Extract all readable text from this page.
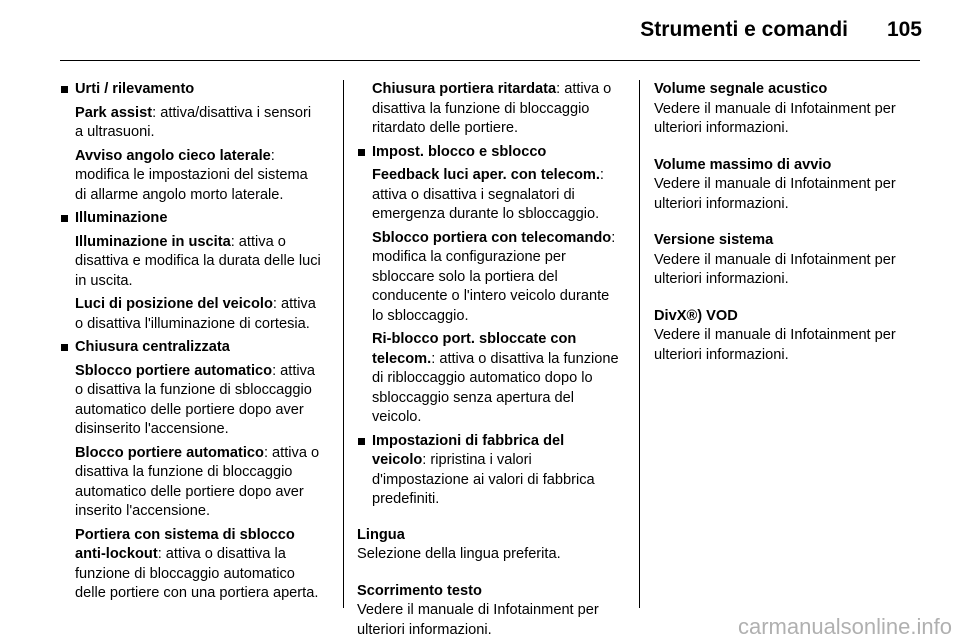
Strumenti e comandi 105
Urti / rilevamento
Park assist: attiva/disattiva i sensori a ultrasuoni.
Avviso angolo cieco laterale: modifica le impostazioni del sistema di allarme angolo morto laterale.
Illuminazione
Illuminazione in uscita: attiva o disattiva e modifica la durata delle luci in uscita.
Luci di posizione del veicolo: attiva o disattiva l'illuminazione di cortesia.
Chiusura centralizzata
Sblocco portiere automatico: attiva o disattiva la funzione di sbloccaggio automatico delle portiere dopo aver disinserito l'accensione.
Blocco portiere automatico: attiva o disattiva la funzione di bloccaggio automatico delle portiere dopo aver inserito l'accensione.
Portiera con sistema di sblocco anti-lockout: attiva o disattiva la funzione di bloccaggio automatico delle portiere con una portiera aperta.
Chiusura portiera ritardata: attiva o disattiva la funzione di bloccaggio ritardato delle portiere.
Impost. blocco e sblocco
Feedback luci aper. con telecom.: attiva o disattiva i segnalatori di emergenza durante lo sbloccaggio.
Sblocco portiera con telecomando: modifica la configurazione per sbloccare solo la portiera del conducente o l'intero veicolo durante lo sbloccaggio.
Ri-blocco port. sbloccate con telecom.: attiva o disattiva la funzione di ribloccaggio automatico dopo lo sbloccaggio senza apertura del veicolo.
Impostazioni di fabbrica del veicolo: ripristina i valori d'impostazione ai valori di fabbrica predefiniti.
Lingua
Selezione della lingua preferita.
Scorrimento testo
Vedere il manuale di Infotainment per ulteriori informazioni.
Volume segnale acustico
Vedere il manuale di Infotainment per ulteriori informazioni.
Volume massimo di avvio
Vedere il manuale di Infotainment per ulteriori informazioni.
Versione sistema
Vedere il manuale di Infotainment per ulteriori informazioni.
DivX®) VOD
Vedere il manuale di Infotainment per ulteriori informazioni.
carmanualsonline.info
